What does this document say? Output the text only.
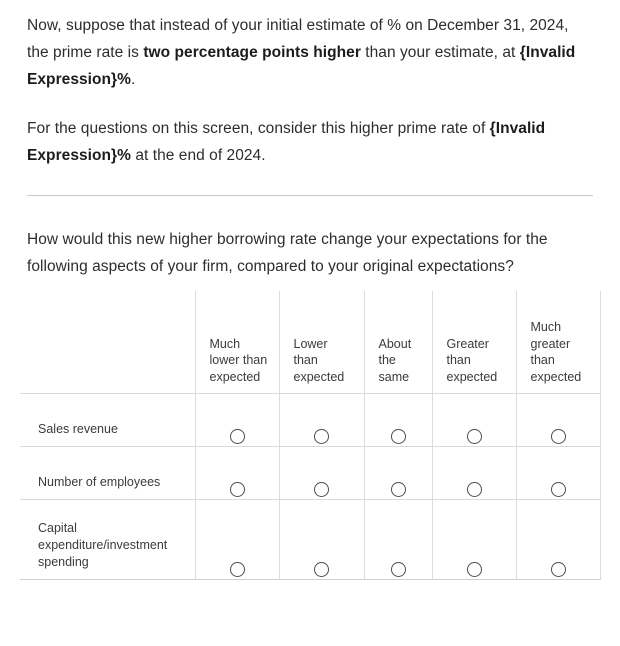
Now, suppose that instead of your initial estimate of % on December 31, 2024, the prime rate is two percentage points higher than your estimate, at {Invalid Expression}%.

For the questions on this screen, consider this higher prime rate of {Invalid Expression}% at the end of 2024.

How would this new higher borrowing rate change your expectations for the following aspects of your firm, compared to your original expectations?

	Much lower than expected	Lower than expected	About the same	Greater than expected	Much greater than expected
Sales revenue					
Number of employees					
Capital expenditure/investment spending					
